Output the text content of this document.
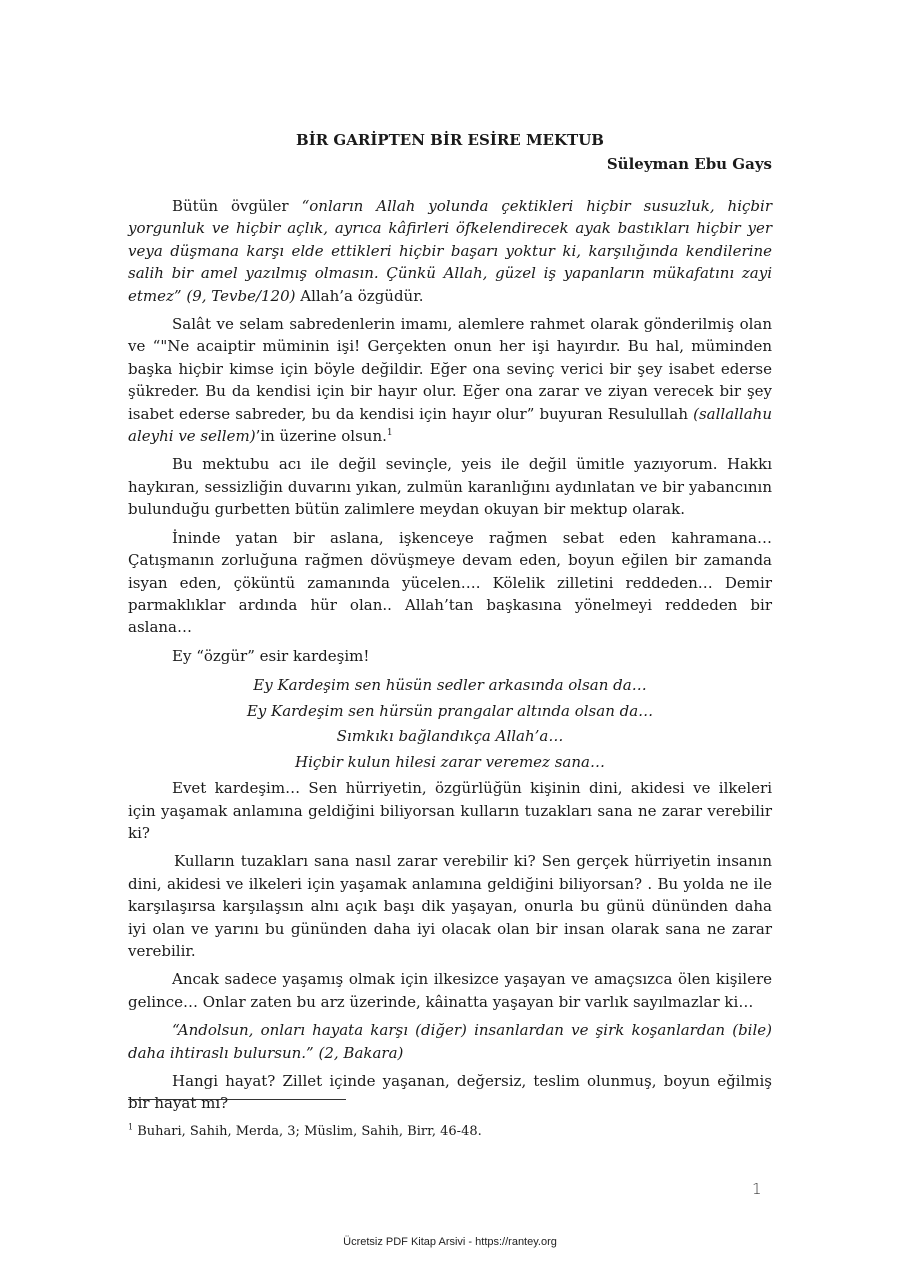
BİR GARİPTEN BİR ESİRE MEKTUB
Süleyman Ebu Gays

Bütün övgüler “onların Allah yolunda çektikleri hiçbir susuzluk, hiçbir yorgunluk ve hiçbir açlık, ayrıca kâfirleri öfkelendirecek ayak bastıkları hiçbir yer veya düşmana karşı elde ettikleri hiçbir başarı yoktur ki, karşılığında kendilerine salih bir amel yazılmış olmasın. Çünkü Allah, güzel iş yapanların mükafatını zayi etmez” (9, Tevbe/120) Allah’a özgüdür.

Salât ve selam sabredenlerin imamı, alemlere rahmet olarak gönderilmiş olan ve “"Ne acaiptir müminin işi! Gerçekten onun her işi hayırdır. Bu hal, müminden başka hiçbir kimse için böyle değildir. Eğer ona sevinç verici bir şey isabet ederse şükreder. Bu da kendisi için bir hayır olur. Eğer ona zarar ve ziyan verecek bir şey isabet ederse sabreder, bu da kendisi için hayır olur” buyuran Resulullah (sallallahu aleyhi ve sellem)’in üzerine olsun.$^1$

Bu mektubu acı ile değil sevinçle, yeis ile değil ümitle yazıyorum. Hakkı haykıran, sessizliğin duvarını yıkan, zulmün karanlığını aydınlatan ve bir yabancının bulunduğu gurbetten bütün zalimlere meydan okuyan bir mektup olarak.

İninde yatan bir aslana, işkenceye rağmen sebat eden kahramana… Çatışmanın zorluğuna rağmen dövüşmeye devam eden, boyun eğilen bir zamanda isyan eden, çöküntü zamanında yücelen…. Kölelik zilletini reddeden… Demir parmaklıklar ardında hür olan.. Allah’tan başkasına yönelmeyi reddeden bir aslana…

Ey “özgür” esir kardeşim!

Ey Kardeşim sen hüsün sedler arkasında olsan da…
Ey Kardeşim sen hürsün prangalar altında olsan da…
Sımkıkı bağlandıkça Allah’a…
Hiçbir kulun hilesi zarar veremez sana…

Evet kardeşim… Sen hürriyetin, özgürlüğün kişinin dini, akidesi ve ilkeleri için yaşamak anlamına geldiğini biliyorsan kulların tuzakları sana ne zarar verebilir ki?

Kulların tuzakları sana nasıl zarar verebilir ki? Sen gerçek hürriyetin insanın dini, akidesi ve ilkeleri için yaşamak anlamına geldiğini biliyorsan? . Bu yolda ne ile karşılaşırsa karşılaşsın alnı açık başı dik yaşayan, onurla bu günü dününden daha iyi olan ve yarını bu gününden daha iyi olacak olan bir insan olarak sana ne zarar verebilir.

Ancak sadece yaşamış olmak için ilkesizce yaşayan ve amaçsızca ölen kişilere gelince… Onlar zaten bu arz üzerinde, kâinatta yaşayan bir varlık sayılmazlar ki…

“Andolsun, onları hayata karşı (diğer) insanlardan ve şirk koşanlardan (bile) daha ihtiraslı bulursun.” (2, Bakara)

Hangi hayat? Zillet içinde yaşanan, değersiz, teslim olunmuş, boyun eğilmiş bir hayat mı?

$^1$ Buhari, Sahih, Merda, 3; Müslim, Sahih, Birr, 46-48.
1
Ücretsiz PDF Kitap Arsivi - https://rantey.org
